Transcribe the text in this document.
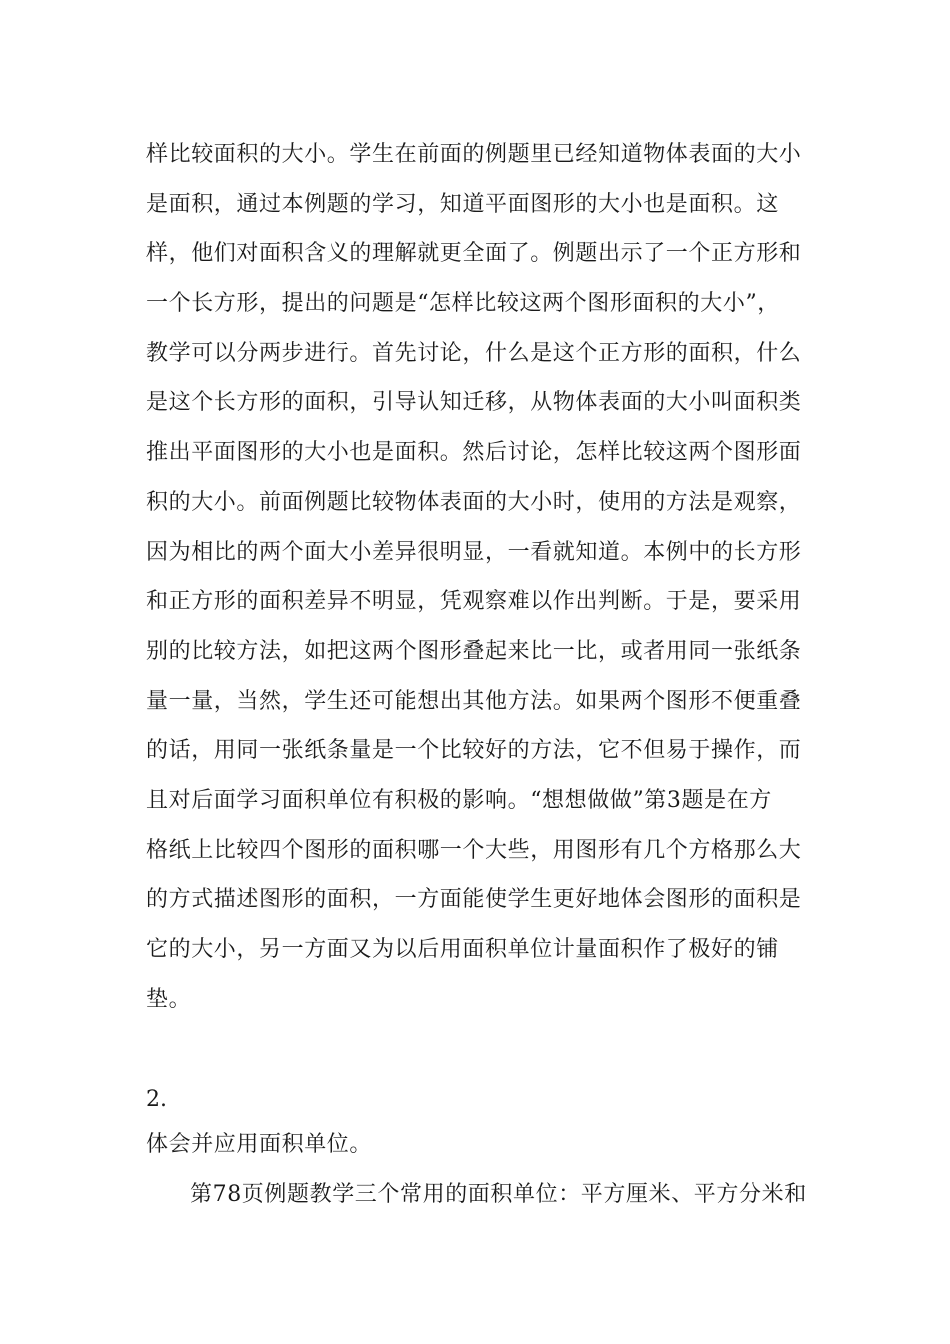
样比较面积的大小。学生在前面的例题里已经知道物体表面的大小
是面积，通过本例题的学习，知道平面图形的大小也是面积。这
样，他们对面积含义的理解就更全面了。例题出示了一个正方形和
一个长方形，提出的问题是“怎样比较这两个图形面积的大小”，
教学可以分两步进行。首先讨论，什么是这个正方形的面积，什么
是这个长方形的面积，引导认知迁移，从物体表面的大小叫面积类
推出平面图形的大小也是面积。然后讨论，怎样比较这两个图形面
积的大小。前面例题比较物体表面的大小时，使用的方法是观察，
因为相比的两个面大小差异很明显，一看就知道。本例中的长方形
和正方形的面积差异不明显，凭观察难以作出判断。于是，要采用
别的比较方法，如把这两个图形叠起来比一比，或者用同一张纸条
量一量，当然，学生还可能想出其他方法。如果两个图形不便重叠
的话，用同一张纸条量是一个比较好的方法，它不但易于操作，而
且对后面学习面积单位有积极的影响。“想想做做”第3题是在方
格纸上比较四个图形的面积哪一个大些，用图形有几个方格那么大
的方式描述图形的面积，一方面能使学生更好地体会图形的面积是
它的大小，另一方面又为以后用面积单位计量面积作了极好的铺
垫。
2.
体会并应用面积单位。
第78页例题教学三个常用的面积单位：平方厘米、平方分米和
